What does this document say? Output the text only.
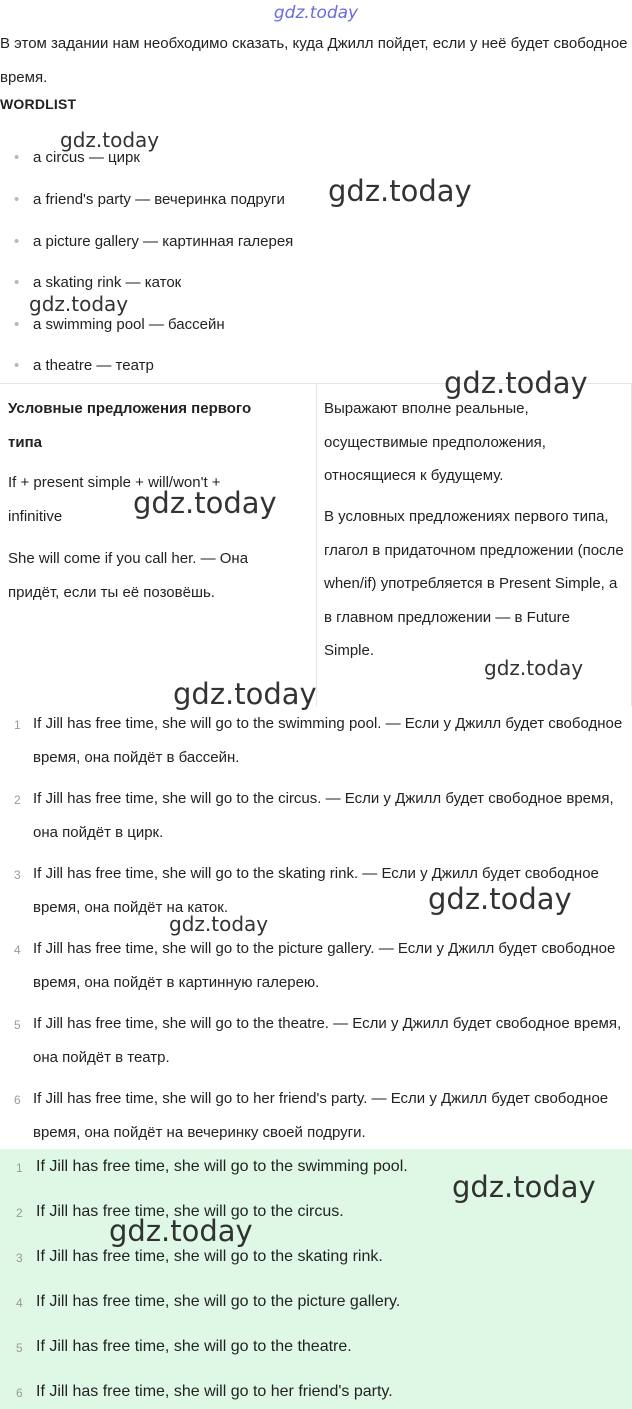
gdz.today

В этом задании нам необходимо сказать, куда Джилл пойдет, если у неё будет свободное время.

WORDLIST
• a circus — цирк
• a friend's party — вечеринка подруги
• a picture gallery — картинная галерея
• a skating rink — каток
• a swimming pool — бассейн
• a theatre — театр

Условные предложения первого типа

If + present simple + will/won't + infinitive

She will come if you call her. — Она придёт, если ты её позовёшь.

Выражают вполне реальные, осуществимые предположения, относящиеся к будущему.

В условных предложениях первого типа, глагол в придаточном предложении (после when/if) употребляется в Present Simple, а в главном предложении — в Future Simple.

1 If Jill has free time, she will go to the swimming pool. — Если у Джилл будет свободное время, она пойдёт в бассейн.

2 If Jill has free time, she will go to the circus. — Если у Джилл будет свободное время, она пойдёт в цирк.

3 If Jill has free time, she will go to the skating rink. — Если у Джилл будет свободное время, она пойдёт на каток.

4 If Jill has free time, she will go to the picture gallery. — Если у Джилл будет свободное время, она пойдёт в картинную галерею.

5 If Jill has free time, she will go to the theatre. — Если у Джилл будет свободное время, она пойдёт в театр.

6 If Jill has free time, she will go to her friend's party. — Если у Джилл будет свободное время, она пойдёт на вечеринку своей подруги.

1 If Jill has free time, she will go to the swimming pool.
2 If Jill has free time, she will go to the circus.
3 If Jill has free time, she will go to the skating rink.
4 If Jill has free time, she will go to the picture gallery.
5 If Jill has free time, she will go to the theatre.
6 If Jill has free time, she will go to her friend's party.
gdz.today
gdz.today
gdz.today
gdz.today
gdz.today
gdz.today
gdz.today
gdz.today
gdz.today
gdz.today
gdz.today
